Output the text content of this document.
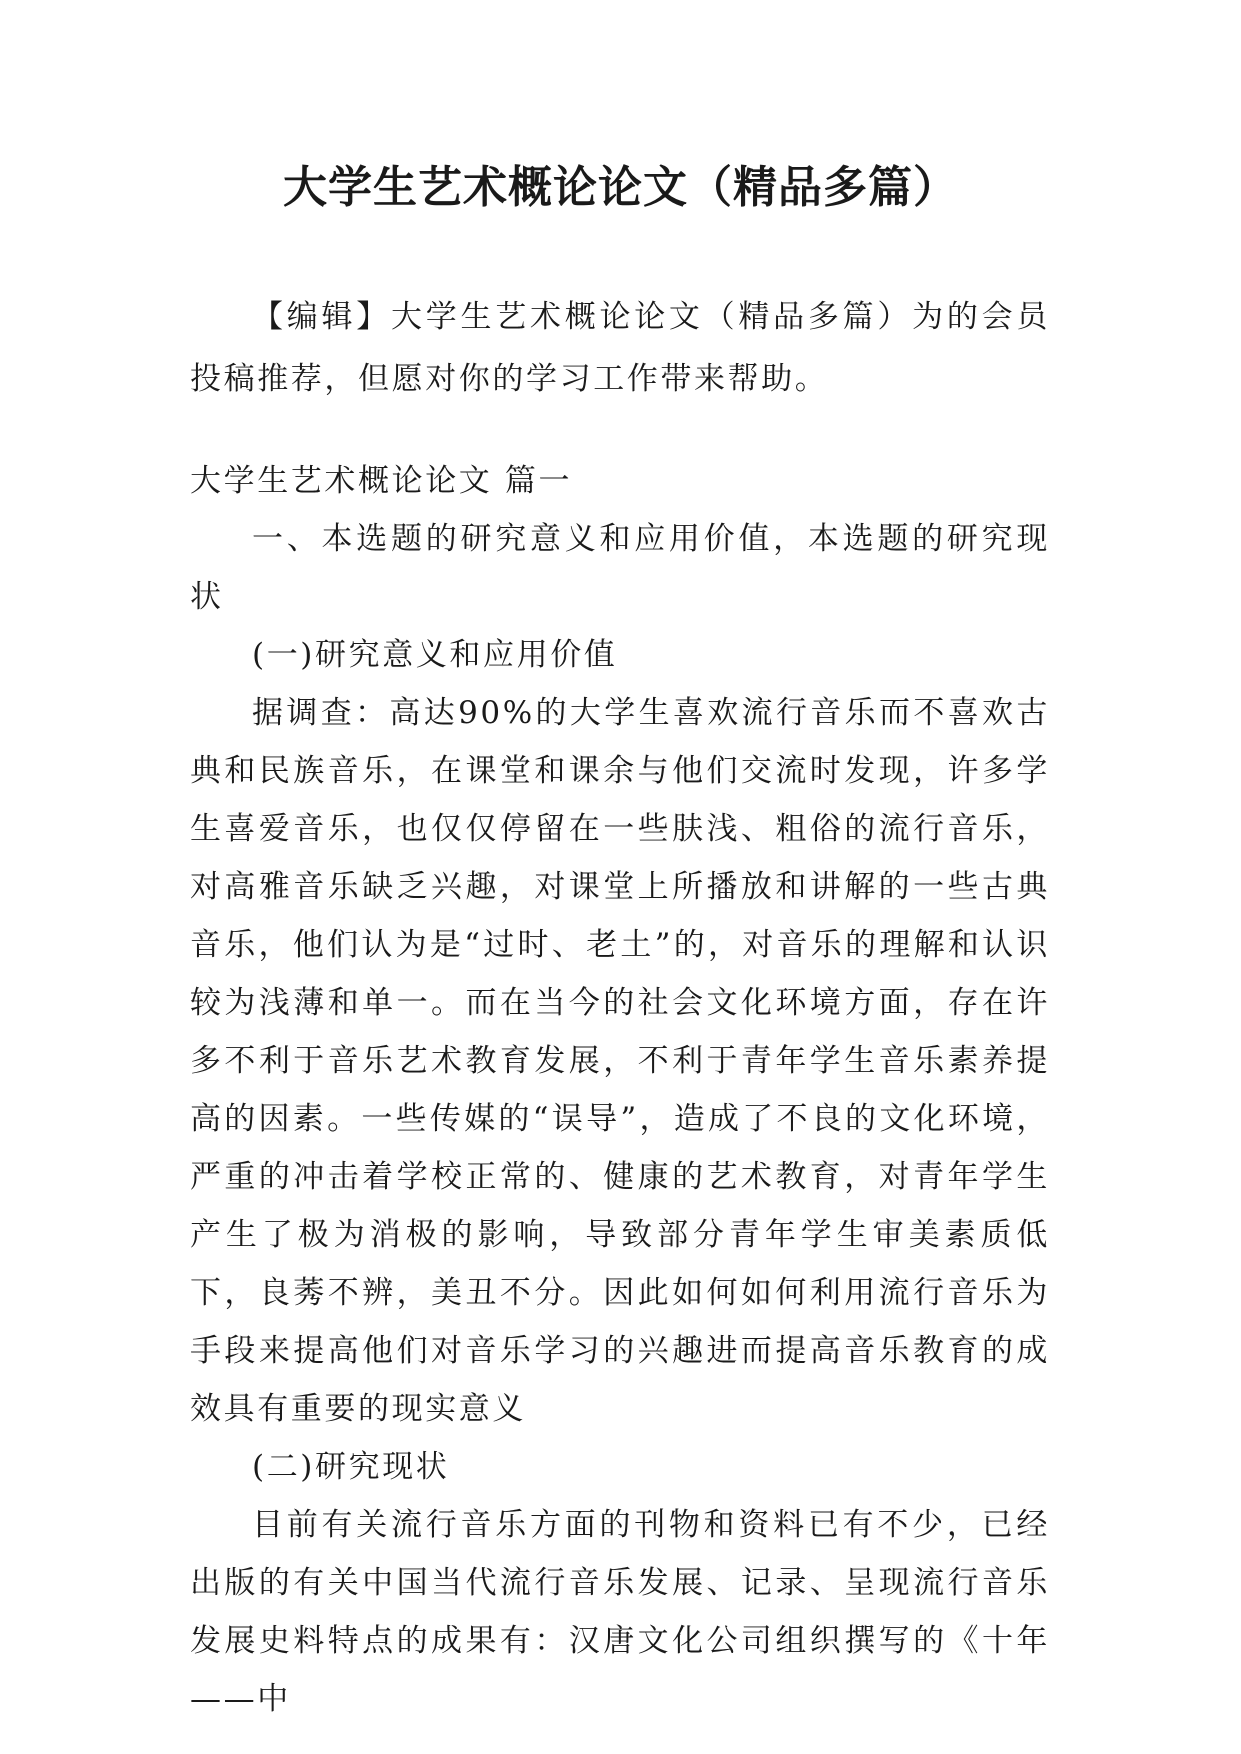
大学生艺术概论论文（精品多篇）

【编辑】大学生艺术概论论文（精品多篇）为的会员投稿推荐，但愿对你的学习工作带来帮助。

大学生艺术概论论文 篇一

一、本选题的研究意义和应用价值，本选题的研究现状

(一)研究意义和应用价值

据调查：高达90%的大学生喜欢流行音乐而不喜欢古典和民族音乐，在课堂和课余与他们交流时发现，许多学生喜爱音乐，也仅仅停留在一些肤浅、粗俗的流行音乐，对高雅音乐缺乏兴趣，对课堂上所播放和讲解的一些古典音乐，他们认为是“过时、老土”的，对音乐的理解和认识较为浅薄和单一。而在当今的社会文化环境方面，存在许多不利于音乐艺术教育发展，不利于青年学生音乐素养提高的因素。一些传媒的“误导”，造成了不良的文化环境，严重的冲击着学校正常的、健康的艺术教育，对青年学生产生了极为消极的影响，导致部分青年学生审美素质低下，良莠不辨，美丑不分。因此如何如何利用流行音乐为手段来提高他们对音乐学习的兴趣进而提高音乐教育的成效具有重要的现实意义

(二)研究现状

目前有关流行音乐方面的刊物和资料已有不少，已经出版的有关中国当代流行音乐发展、记录、呈现流行音乐发展史料特点的成果有：汉唐文化公司组织撰写的《十年——中
